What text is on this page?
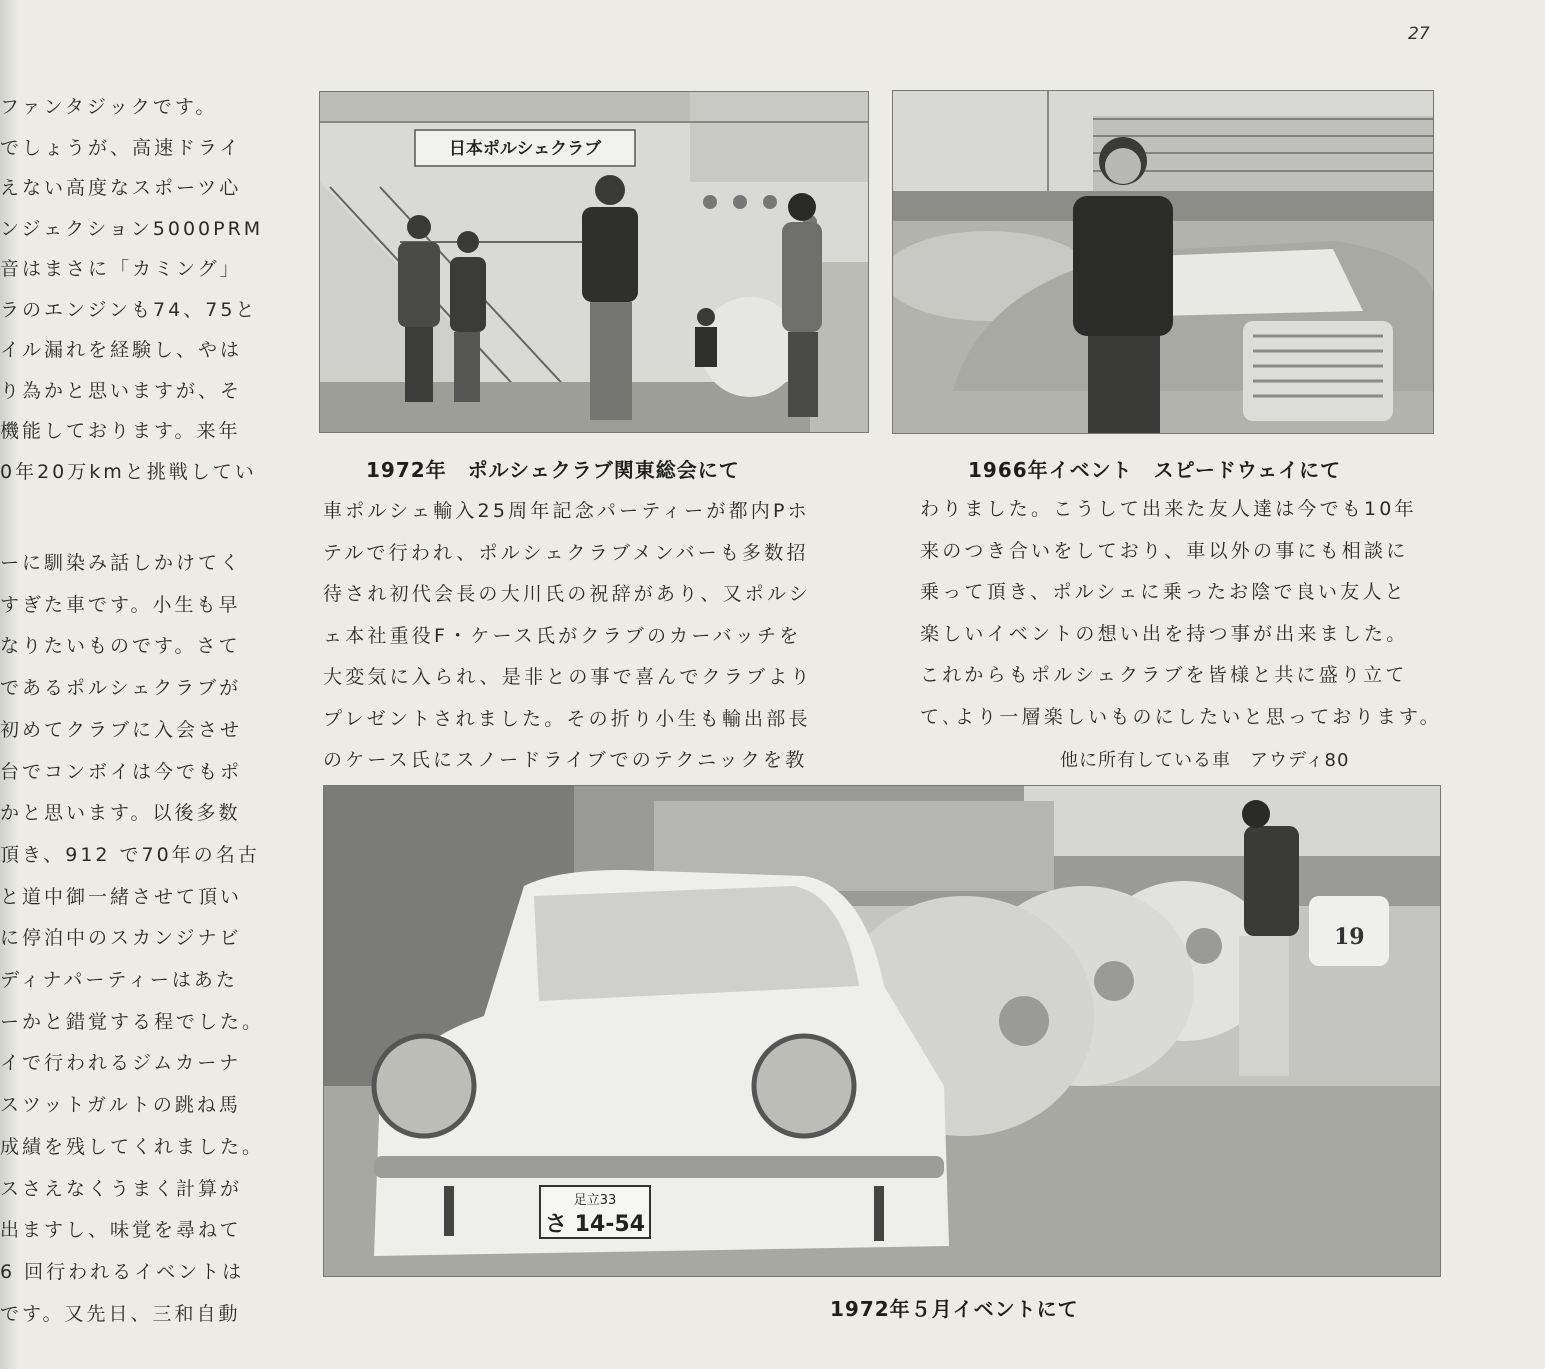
27
ファンタジックです。
でしょうが、高速ドライ
えない高度なスポーツ心
ンジェクション5000PRM
音はまさに「カミング」
ラのエンジンも74、75と
イル漏れを経験し、やは
り為かと思いますが、そ
機能しております。来年
0年20万kmと挑戦してい
ーに馴染み話しかけてく
すぎた車です。小生も早
なりたいものです。さて
であるポルシェクラブが
初めてクラブに入会させ
台でコンボイは今でもポ
かと思います。以後多数
頂き、912 で70年の名古
と道中御一緒させて頂い
に停泊中のスカンジナビ
ディナパーティーはあた
ーかと錯覚する程でした。
イで行われるジムカーナ
スツットガルトの跳ね馬
成績を残してくれました。
スさえなくうまく計算が
出ますし、味覚を尋ねて
6 回行われるイベントは
です。又先日、三和自動
日本ポルシェクラブ
1972年　ポルシェクラブ関東総会にて	1966年イベント　スピードウェイにて
車ポルシェ輸入25周年記念パーティーが都内Pホ
テルで行われ、ポルシェクラブメンバーも多数招
待され初代会長の大川氏の祝辞があり、又ポルシ
ェ本社重役F・ケース氏がクラブのカーバッチを
大変気に入られ、是非との事で喜んでクラブより
プレゼントされました。その折り小生も輸出部長
のケース氏にスノードライブでのテクニックを教
わりました。こうして出来た友人達は今でも10年
来のつき合いをしており、車以外の事にも相談に
乗って頂き、ポルシェに乗ったお陰で良い友人と
楽しいイベントの想い出を持つ事が出来ました。
これからもポルシェクラブを皆様と共に盛り立て
て､より一層楽しいものにしたいと思っております。
他に所有している車　アウディ80
19
足立33
さ 14-54
1972年５月イベントにて
